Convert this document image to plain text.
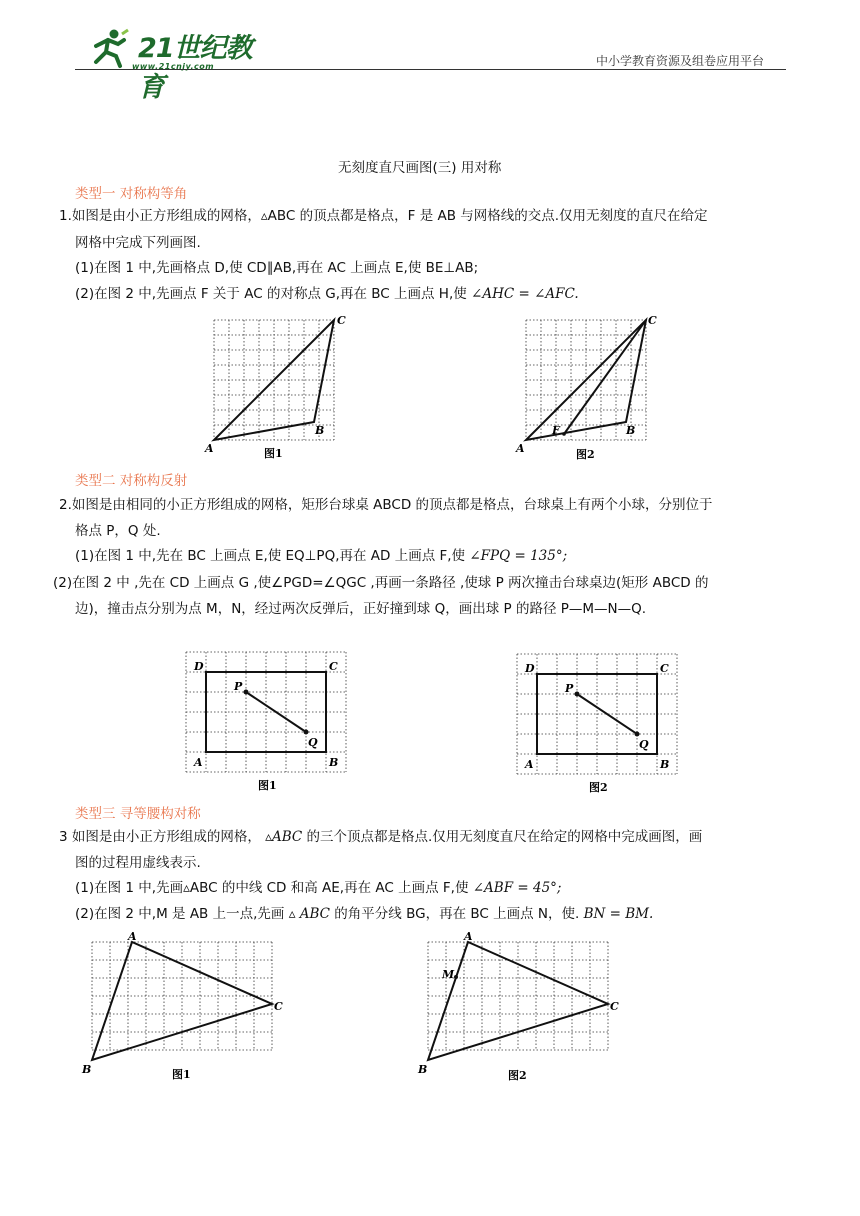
21世纪教育
www.21cnjy.com	中小学教育资源及组卷应用平台
无刻度直尺画图(三) 用对称
类型一 对称构等角
1.如图是由小正方形组成的网格，▵ABC 的顶点都是格点，F 是 AB 与网格线的交点.仅用无刻度的直尺在给定
网格中完成下列画图.
(1)在图 1 中,先画格点 D,使 CD∥AB,再在 AC 上画点 E,使 BE⊥AB;
(2)在图 2 中,先画点 F 关于 AC 的对称点 G,再在 BC 上画点 H,使 ∠AHC = ∠AFC.
A
B
C
图1	A
B
C
F
图2
类型二 对称构反射
2.如图是由相同的小正方形组成的网格，矩形台球桌 ABCD 的顶点都是格点，台球桌上有两个小球，分别位于
格点 P，Q 处.
(1)在图 1 中,先在 BC 上画点 E,使 EQ⊥PQ,再在 AD 上画点 F,使 ∠FPQ = 135°;
(2)在图 2 中 ,先在 CD 上画点 G ,使∠PGD=∠QGC ,再画一条路径 ,使球 P 两次撞击台球桌边(矩形 ABCD 的
边)，撞击点分别为点 M，N，经过两次反弹后，正好撞到球 Q，画出球 P 的路径 P—M—N—Q.
D	C
A	B
P
Q
图1
D	C
A	B
P
Q
图2
类型三 寻等腰构对称
3 如图是由小正方形组成的网格， ▵ABC 的三个顶点都是格点.仅用无刻度直尺在给定的网格中完成画图，画
图的过程用虚线表示.
(1)在图 1 中,先画▵ABC 的中线 CD 和高 AE,再在 AC 上画点 F,使 ∠ABF = 45°;
(2)在图 2 中,M 是 AB 上一点,先画 ▵ ABC 的角平分线 BG，再在 BC 上画点 N，使. BN = BM.
A
B
C
图1
A
B
C
M
图2
